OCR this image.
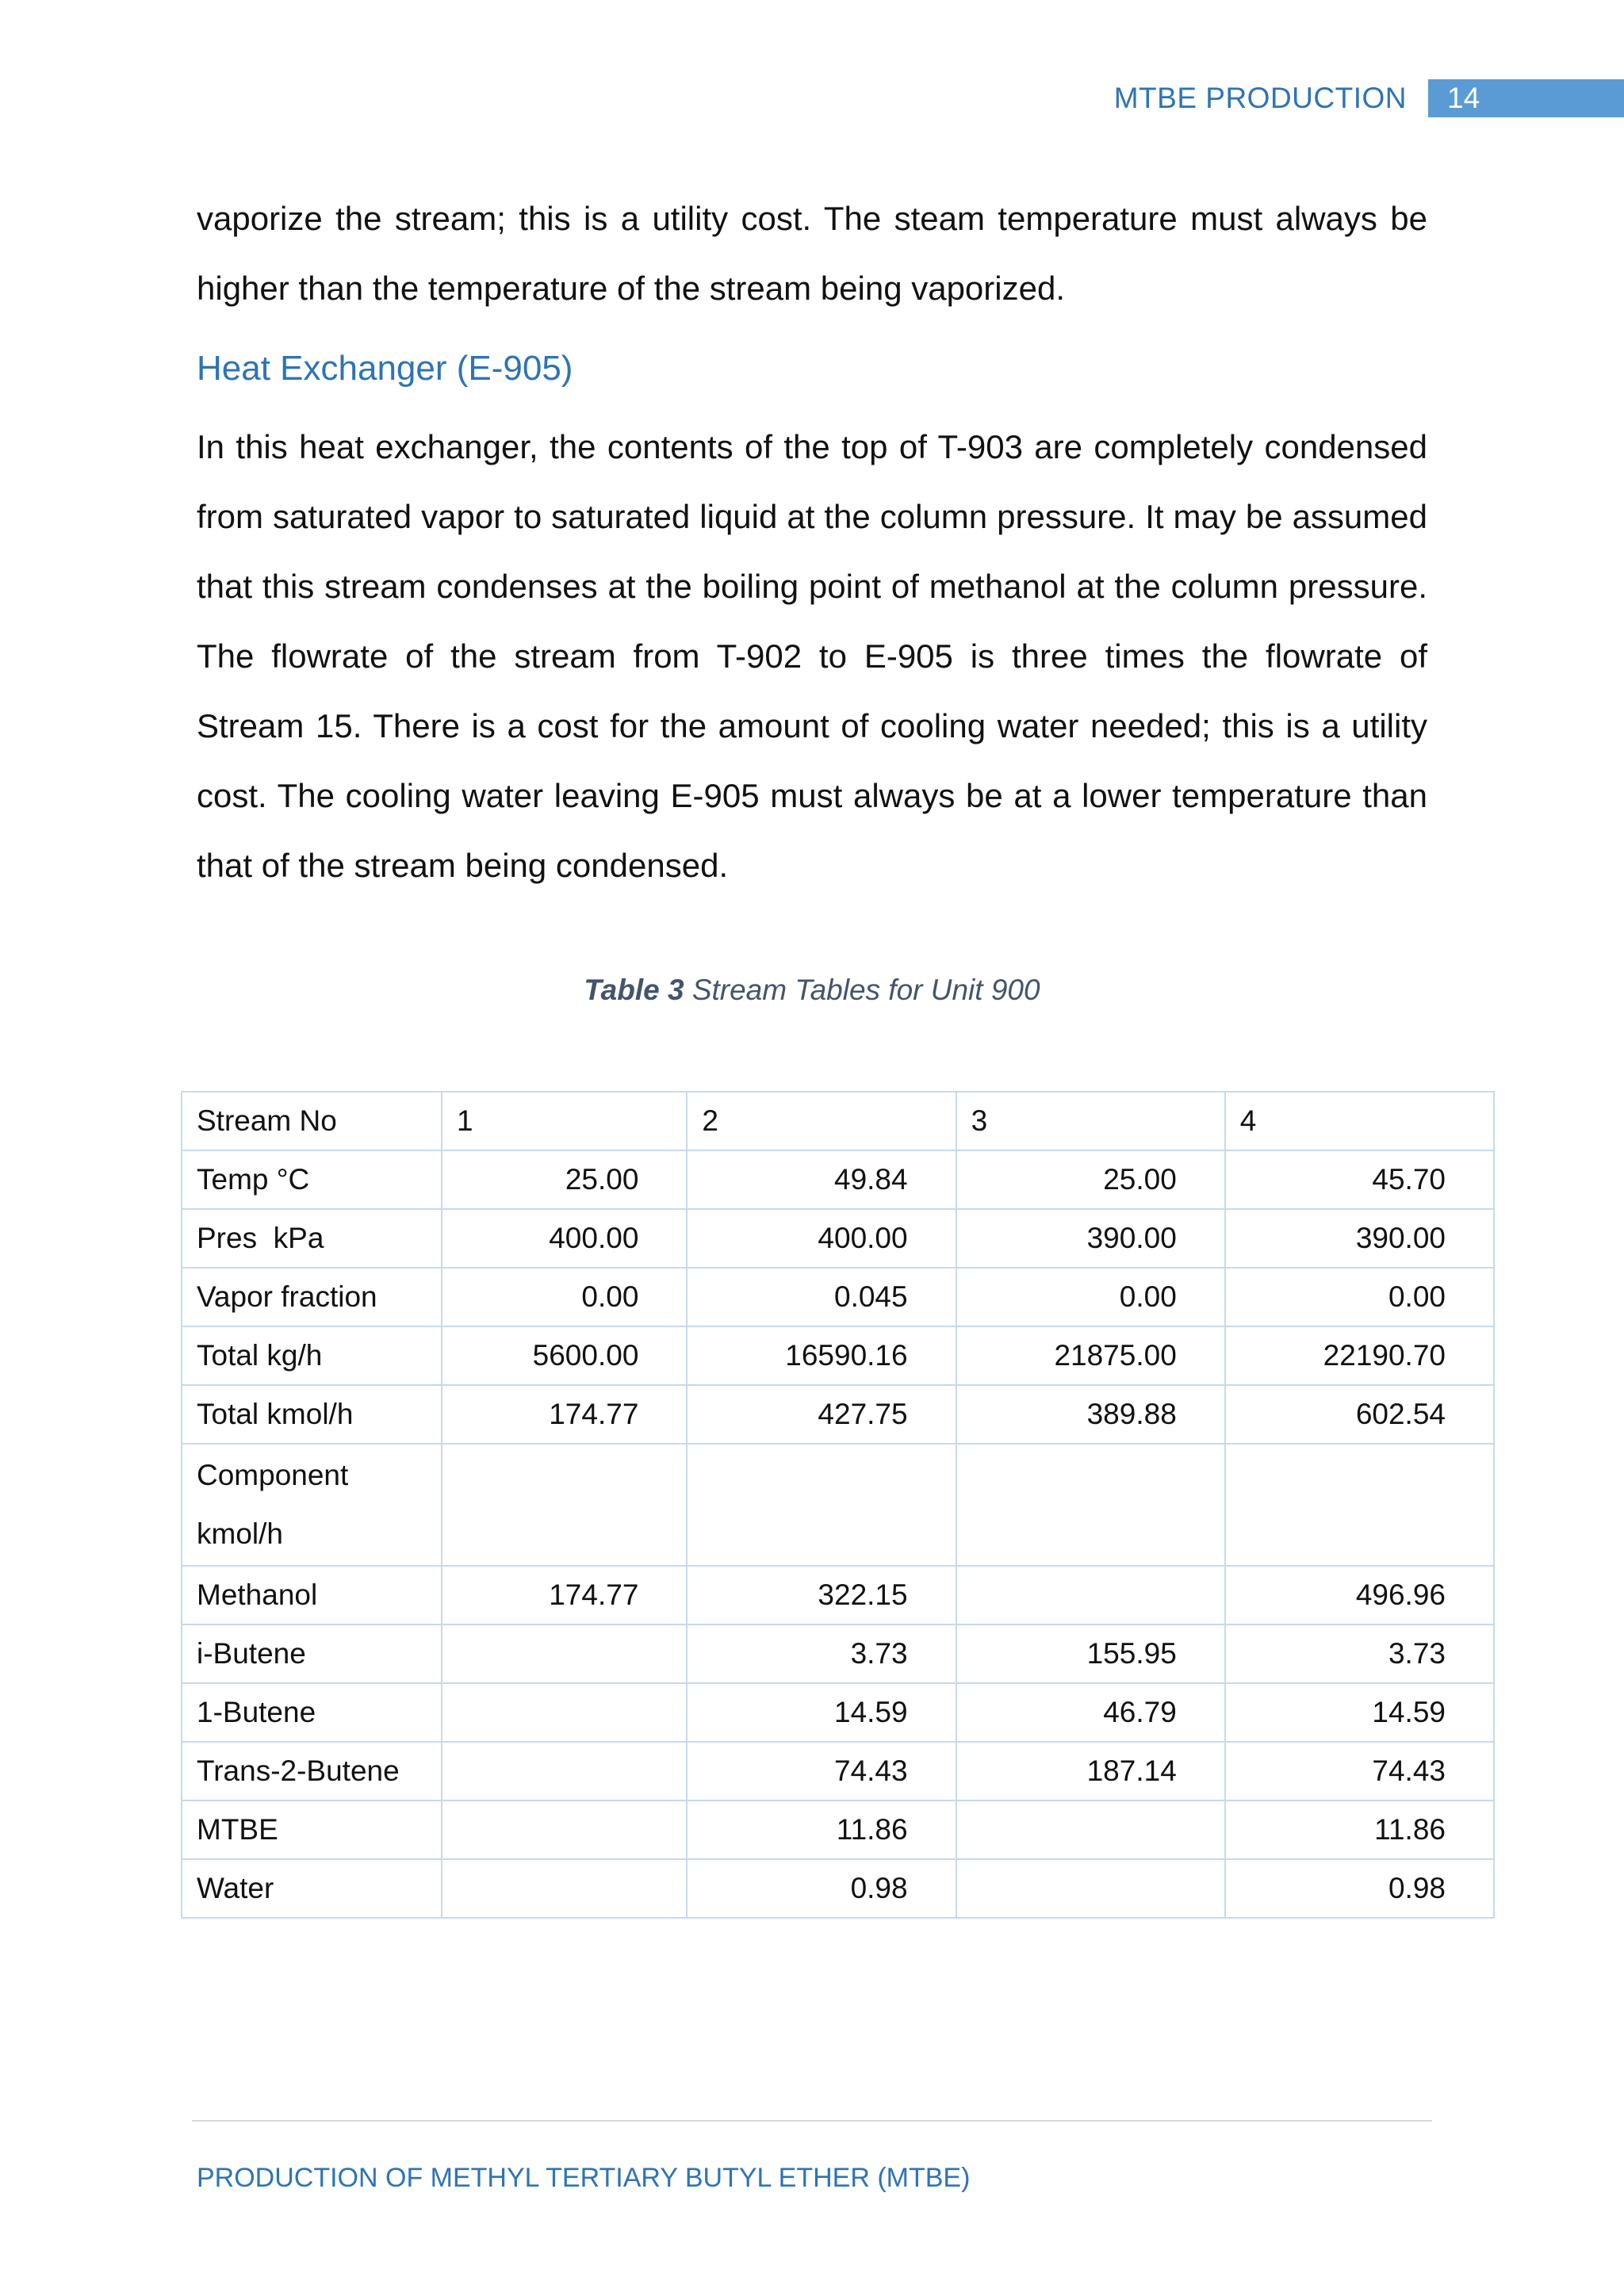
MTBE PRODUCTION	14

vaporize the stream; this is a utility cost. The steam temperature must always be higher than the temperature of the stream being vaporized.

Heat Exchanger (E-905)

In this heat exchanger, the contents of the top of T-903 are completely condensed from saturated vapor to saturated liquid at the column pressure. It may be assumed that this stream condenses at the boiling point of methanol at the column pressure. The flowrate of the stream from T-902 to E-905 is three times the flowrate of Stream 15. There is a cost for the amount of cooling water needed; this is a utility cost. The cooling water leaving E-905 must always be at a lower temperature than that of the stream being condensed.

Table 3 Stream Tables for Unit 900
Stream No	1	2	3	4
Temp °C	25.00	49.84	25.00	45.70
Pres  kPa	400.00	400.00	390.00	390.00
Vapor fraction	0.00	0.045	0.00	0.00
Total kg/h	5600.00	16590.16	21875.00	22190.70
Total kmol/h	174.77	427.75	389.88	602.54

Component
kmol/h				

Methanol	174.77	322.15		496.96
i-Butene		3.73	155.95	3.73
1-Butene		14.59	46.79	14.59
Trans-2-Butene		74.43	187.14	74.43
MTBE		11.86		11.86
Water		0.98		0.98
PRODUCTION OF METHYL TERTIARY BUTYL ETHER (MTBE)
